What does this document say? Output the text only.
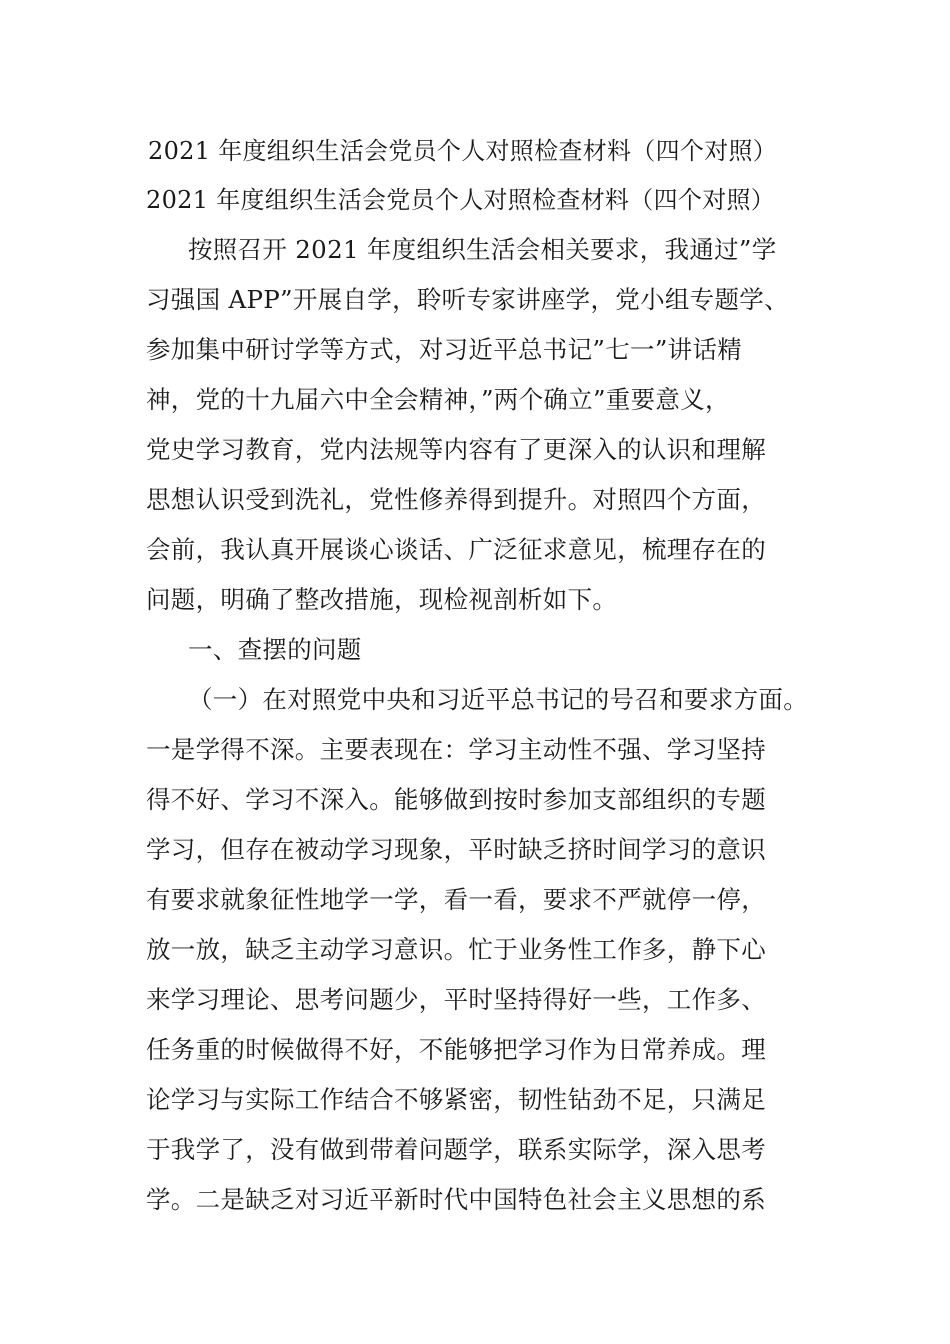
2021 年度组织生活会党员个人对照检查材料（四个对照）
2021 年度组织生活会党员个人对照检查材料（四个对照）
按照召开 2021 年度组织生活会相关要求，我通过”学
习强国 APP”开展自学，聆听专家讲座学，党小组专题学、
参加集中研讨学等方式，对习近平总书记”七一”讲话精
神，党的十九届六中全会精神，”两个确立”重要意义，
党史学习教育，党内法规等内容有了更深入的认识和理解
思想认识受到洗礼，党性修养得到提升。对照四个方面，
会前，我认真开展谈心谈话、广泛征求意见，梳理存在的
问题，明确了整改措施，现检视剖析如下。
一、查摆的问题
（一）在对照党中央和习近平总书记的号召和要求方面。
一是学得不深。主要表现在：学习主动性不强、学习坚持
得不好、学习不深入。能够做到按时参加支部组织的专题
学习，但存在被动学习现象，平时缺乏挤时间学习的意识
有要求就象征性地学一学，看一看，要求不严就停一停，
放一放，缺乏主动学习意识。忙于业务性工作多，静下心
来学习理论、思考问题少，平时坚持得好一些，工作多、
任务重的时候做得不好，不能够把学习作为日常养成。理
论学习与实际工作结合不够紧密，韧性钻劲不足，只满足
于我学了，没有做到带着问题学，联系实际学，深入思考
学。二是缺乏对习近平新时代中国特色社会主义思想的系
